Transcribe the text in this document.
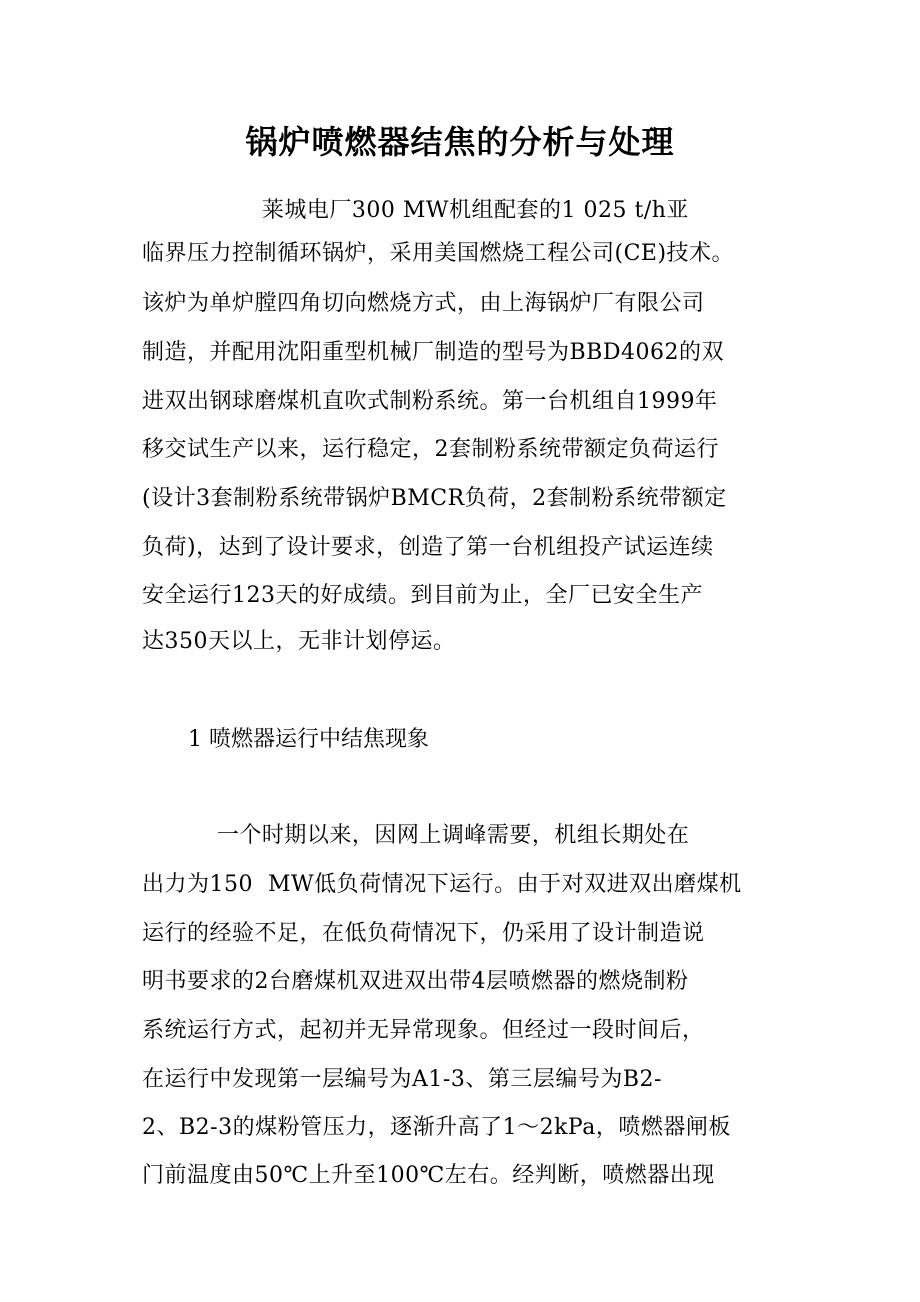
锅炉喷燃器结焦的分析与处理
莱城电厂300 MW机组配套的1 025 t/h亚
临界压力控制循环锅炉，采用美国燃烧工程公司(CE)技术。
该炉为单炉膛四角切向燃烧方式，由上海锅炉厂有限公司
制造，并配用沈阳重型机械厂制造的型号为BBD4062的双
进双出钢球磨煤机直吹式制粉系统。第一台机组自1999年
移交试生产以来，运行稳定，2套制粉系统带额定负荷运行
(设计3套制粉系统带锅炉BMCR负荷，2套制粉系统带额定
负荷)，达到了设计要求，创造了第一台机组投产试运连续
安全运行123天的好成绩。到目前为止，全厂已安全生产
达350天以上，无非计划停运。
1 喷燃器运行中结焦现象
一个时期以来，因网上调峰需要，机组长期处在
出力为150  MW低负荷情况下运行。由于对双进双出磨煤机
运行的经验不足，在低负荷情况下，仍采用了设计制造说
明书要求的2台磨煤机双进双出带4层喷燃器的燃烧制粉
系统运行方式，起初并无异常现象。但经过一段时间后，
在运行中发现第一层编号为A1-3、第三层编号为B2-
2、B2-3的煤粉管压力，逐渐升高了1～2kPa，喷燃器闸板
门前温度由50℃上升至100℃左右。经判断，喷燃器出现
